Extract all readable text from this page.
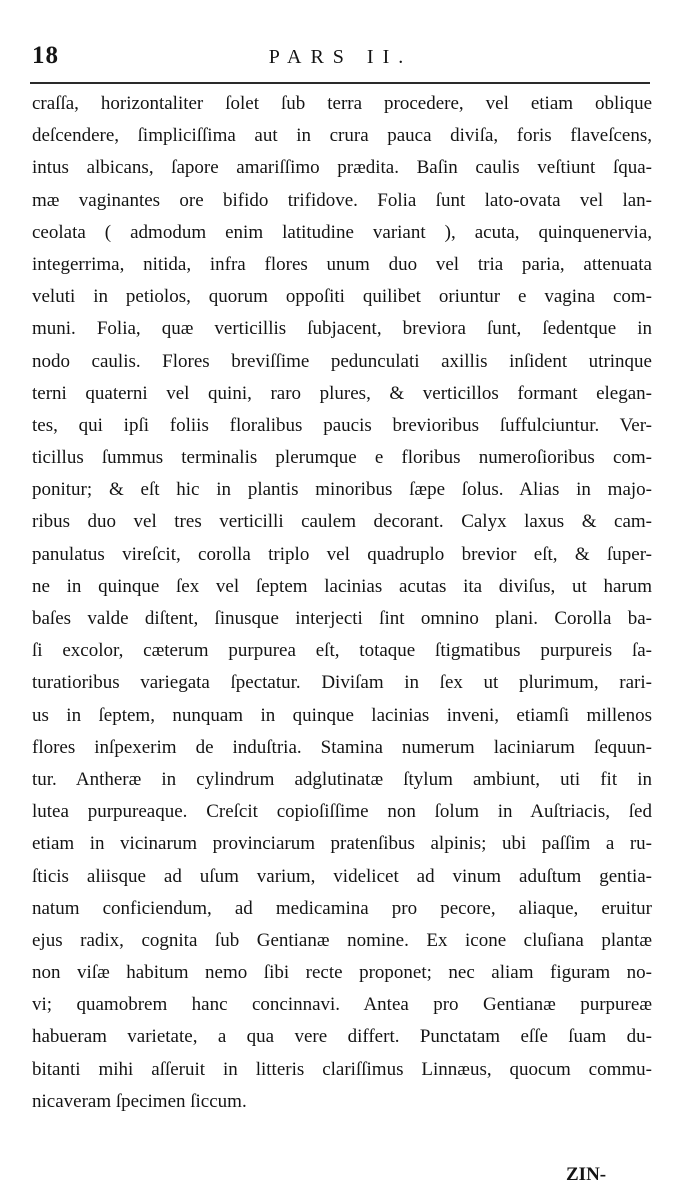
18	PARS II.
craſſa, horizontaliter ſolet ſub terra procedere, vel etiam oblique
deſcendere, ſimpliciſſima aut in crura pauca diviſa, foris flaveſcens,
intus albicans, ſapore amariſſimo prædita. Baſin caulis veſtiunt ſqua-
mæ vaginantes ore bifido trifidove. Folia ſunt lato-ovata vel lan-
ceolata ( admodum enim latitudine variant ), acuta, quinquenervia,
integerrima, nitida, infra flores unum duo vel tria paria, attenuata
veluti in petiolos, quorum oppoſiti quilibet oriuntur e vagina com-
muni. Folia, quæ verticillis ſubjacent, breviora ſunt, ſedentque in
nodo caulis. Flores breviſſime pedunculati axillis inſident utrinque
terni quaterni vel quini, raro plures, & verticillos formant elegan-
tes, qui ipſi foliis floralibus paucis brevioribus ſuffulciuntur. Ver-
ticillus ſummus terminalis plerumque e floribus numeroſioribus com-
ponitur; & eſt hic in plantis minoribus ſæpe ſolus. Alias in majo-
ribus duo vel tres verticilli caulem decorant. Calyx laxus & cam-
panulatus vireſcit, corolla triplo vel quadruplo brevior eſt, & ſuper-
ne in quinque ſex vel ſeptem lacinias acutas ita diviſus, ut harum
baſes valde diſtent, ſinusque interjecti ſint omnino plani. Corolla ba-
ſi excolor, cæterum purpurea eſt, totaque ſtigmatibus purpureis ſa-
turatioribus variegata ſpectatur. Diviſam in ſex ut plurimum, rari-
us in ſeptem, nunquam in quinque lacinias inveni, etiamſi millenos
flores inſpexerim de induſtria. Stamina numerum laciniarum ſequun-
tur. Antheræ in cylindrum adglutinatæ ſtylum ambiunt, uti fit in
lutea purpureaque. Creſcit copioſiſſime non ſolum in Auſtriacis, ſed
etiam in vicinarum provinciarum pratenſibus alpinis; ubi paſſim a ru-
ſticis aliisque ad uſum varium, videlicet ad vinum aduſtum gentia-
natum conficiendum, ad medicamina pro pecore, aliaque, eruitur
ejus radix, cognita ſub Gentianæ nomine. Ex icone cluſiana plantæ
non viſæ habitum nemo ſibi recte proponet; nec aliam figuram no-
vi; quamobrem hanc concinnavi. Antea pro Gentianæ purpureæ
habueram varietate, a qua vere differt. Punctatam eſſe ſuam du-
bitanti mihi aſſeruit in litteris clariſſimus Linnæus, quocum commu-
nicaveram ſpecimen ſiccum.
ZIN-
